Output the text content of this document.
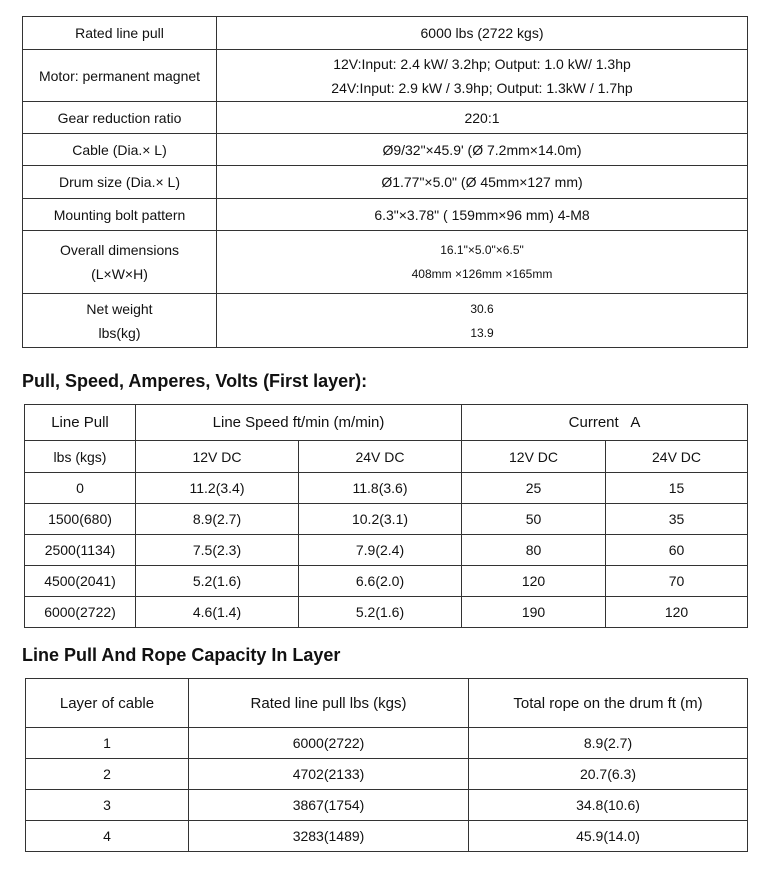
Rated line pull	6000 lbs (2722 kgs)

Motor: permanent magnet	12V:Input: 2.4 kW/ 3.2hp; Output: 1.0 kW/ 1.3hp
24V:Input: 2.9 kW / 3.9hp; Output: 1.3kW / 1.7hp

Gear reduction ratio	220:1

Cable (Dia.× L)	Ø9/32"×45.9' (Ø 7.2mm×14.0m)

Drum size (Dia.× L)	Ø1.77"×5.0" (Ø 45mm×127 mm)

Mounting bolt pattern	6.3"×3.78" ( 159mm×96 mm) 4-M8

Overall dimensions
(L×W×H)	16.1"×5.0"×6.5"
408mm ×126mm ×165mm

Net weight
lbs(kg)	30.6
13.9
Pull, Speed, Amperes, Volts (First layer):
Line Pull	Line Speed ft/min (m/min)		Current   A	
lbs (kgs)	12V DC	24V DC	12V DC	24V DC
0	11.2(3.4)	11.8(3.6)	25	15
1500(680)	8.9(2.7)	10.2(3.1)	50	35
2500(1134)	7.5(2.3)	7.9(2.4)	80	60
4500(2041)	5.2(1.6)	6.6(2.0)	120	70
6000(2722)	4.6(1.4)	5.2(1.6)	190	120
Line Pull And Rope Capacity In Layer
Layer of cable	Rated line pull lbs (kgs)	Total rope on the drum ft (m)
1	6000(2722)	8.9(2.7)
2	4702(2133)	20.7(6.3)
3	3867(1754)	34.8(10.6)
4	3283(1489)	45.9(14.0)
